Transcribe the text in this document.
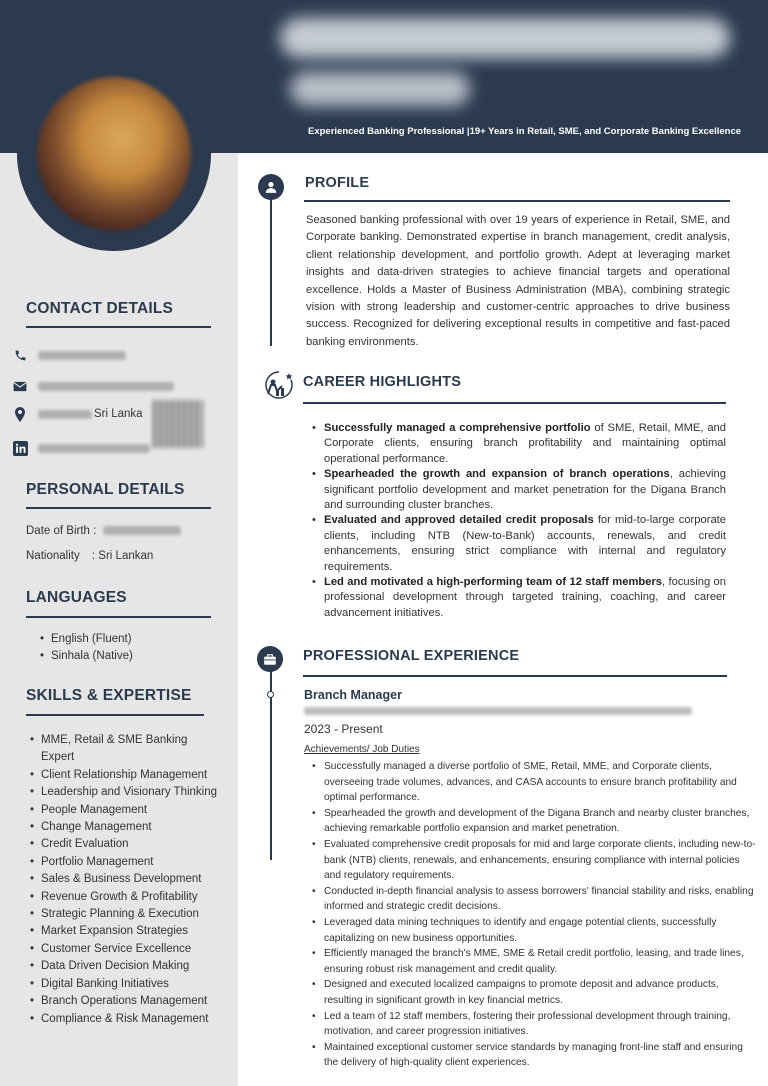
Experienced Banking Professional |19+ Years in Retail, SME, and Corporate Banking Excellence
CONTACT DETAILS
Sri Lanka
PERSONAL DETAILS
Date of Birth :
Nationality : Sri Lankan
LANGUAGES
• English (Fluent)
• Sinhala (Native)
SKILLS & EXPERTISE
• MME, Retail & SME Banking
Expert
• Client Relationship Management
• Leadership and Visionary Thinking
• People Management
• Change Management
• Credit Evaluation
• Portfolio Management
• Sales & Business Development
• Revenue Growth & Profitability
• Strategic Planning & Execution
• Market Expansion Strategies
• Customer Service Excellence
• Data Driven Decision Making
• Digital Banking Initiatives
• Branch Operations Management
• Compliance & Risk Management
PROFILE
Seasoned banking professional with over 19 years of experience in Retail, SME, and Corporate banking. Demonstrated expertise in branch management, credit analysis, client relationship development, and portfolio growth. Adept at leveraging market insights and data-driven strategies to achieve financial targets and operational excellence. Holds a Master of Business Administration (MBA), combining strategic vision with strong leadership and customer-centric approaches to drive business success. Recognized for delivering exceptional results in competitive and fast-paced banking environments.
CAREER HIGHLIGHTS
• Successfully managed a comprehensive portfolio of SME, Retail, MME, and Corporate clients, ensuring branch profitability and maintaining optimal operational performance.
• Spearheaded the growth and expansion of branch operations, achieving significant portfolio development and market penetration for the Digana Branch and surrounding cluster branches.
• Evaluated and approved detailed credit proposals for mid-to-large corporate clients, including NTB (New-to-Bank) accounts, renewals, and credit enhancements, ensuring strict compliance with internal and regulatory requirements.
• Led and motivated a high-performing team of 12 staff members, focusing on professional development through targeted training, coaching, and career advancement initiatives.
PROFESSIONAL EXPERIENCE
Branch Manager
2023 - Present
Achievements/ Job Duties
• Successfully managed a diverse portfolio of SME, Retail, MME, and Corporate clients, overseeing trade volumes, advances, and CASA accounts to ensure branch profitability and optimal performance.
• Spearheaded the growth and development of the Digana Branch and nearby cluster branches, achieving remarkable portfolio expansion and market penetration.
• Evaluated comprehensive credit proposals for mid and large corporate clients, including new-to-bank (NTB) clients, renewals, and enhancements, ensuring compliance with internal policies and regulatory requirements.
• Conducted in-depth financial analysis to assess borrowers' financial stability and risks, enabling informed and strategic credit decisions.
• Leveraged data mining techniques to identify and engage potential clients, successfully capitalizing on new business opportunities.
• Efficiently managed the branch's MME, SME & Retail credit portfolio, leasing, and trade lines, ensuring robust risk management and credit quality.
• Designed and executed localized campaigns to promote deposit and advance products, resulting in significant growth in key financial metrics.
• Led a team of 12 staff members, fostering their professional development through training, motivation, and career progression initiatives.
• Maintained exceptional customer service standards by managing front-line staff and ensuring the delivery of high-quality client experiences.
